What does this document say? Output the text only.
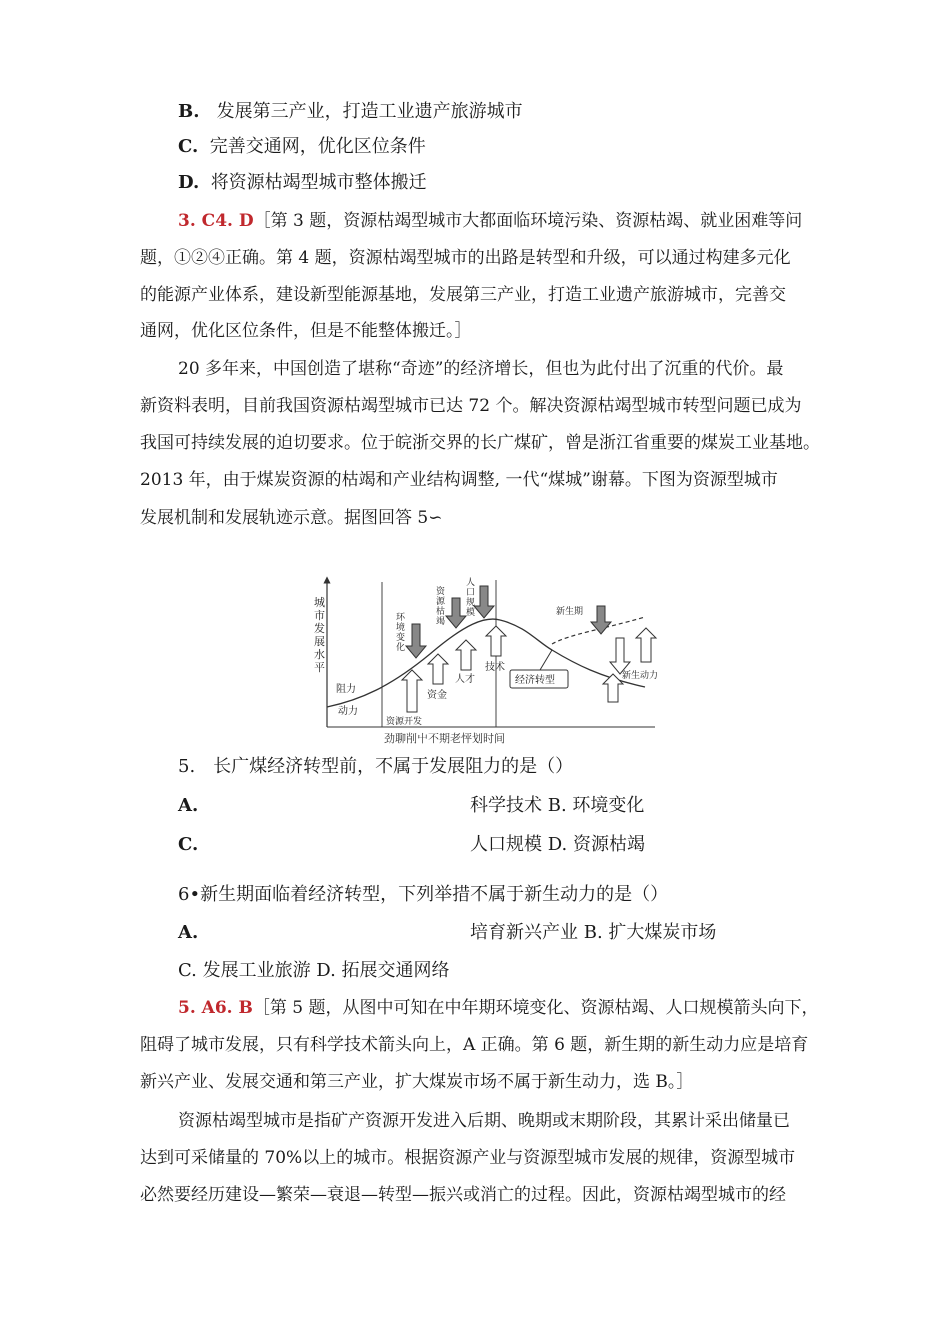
B. 发展第三产业，打造工业遗产旅游城市
C. 完善交通网，优化区位条件
D. 将资源枯竭型城市整体搬迁
3. C4. D［第 3 题，资源枯竭型城市大都面临环境污染、资源枯竭、就业困难等问
题，①②④正确。第 4 题，资源枯竭型城市的出路是转型和升级，可以通过构建多元化
的能源产业体系，建设新型能源基地，发展第三产业，打造工业遗产旅游城市，完善交
通网，优化区位条件，但是不能整体搬迁。］
20 多年来，中国创造了堪称“奇迹”的经济增长，但也为此付出了沉重的代价。最
新资料表明，目前我国资源枯竭型城市已达 72 个。解决资源枯竭型城市转型问题已成为
我国可持续发展的迫切要求。位于皖浙交界的长广煤矿，曾是浙江省重要的煤炭工业基地。
2013 年，由于煤炭资源的枯竭和产业结构调整, 一代“煤城”谢幕。下图为资源型城市
发展机制和发展轨迹示意。据图回答 5∽
城
市
发
展
水
平
阻力
动力
资源开发
环
境
变
化
资金
资
源
枯
竭
人才
人
口
规
模
技术
经济转型
新生期
新生动力
劲聊削屮不期老怦划时间
5.　长广煤经济转型前，不属于发展阻力的是（）
A.	科学技术 B. 环境变化
C.	人口规模 D. 资源枯竭
6•新生期面临着经济转型，下列举措不属于新生动力的是（）
A.	培育新兴产业 B. 扩大煤炭市场
C. 发展工业旅游 D. 拓展交通网络
5. A6. B［第 5 题，从图中可知在中年期环境变化、资源枯竭、人口规模箭头向下，
阻碍了城市发展，只有科学技术箭头向上，A 正确。第 6 题，新生期的新生动力应是培育
新兴产业、发展交通和第三产业，扩大煤炭市场不属于新生动力，选 B。］
资源枯竭型城市是指矿产资源开发进入后期、晚期或末期阶段，其累计采出储量已
达到可采储量的 70%以上的城市。根据资源产业与资源型城市发展的规律，资源型城市
必然要经历建设—繁荣—衰退—转型—振兴或消亡的过程。因此，资源枯竭型城市的经
